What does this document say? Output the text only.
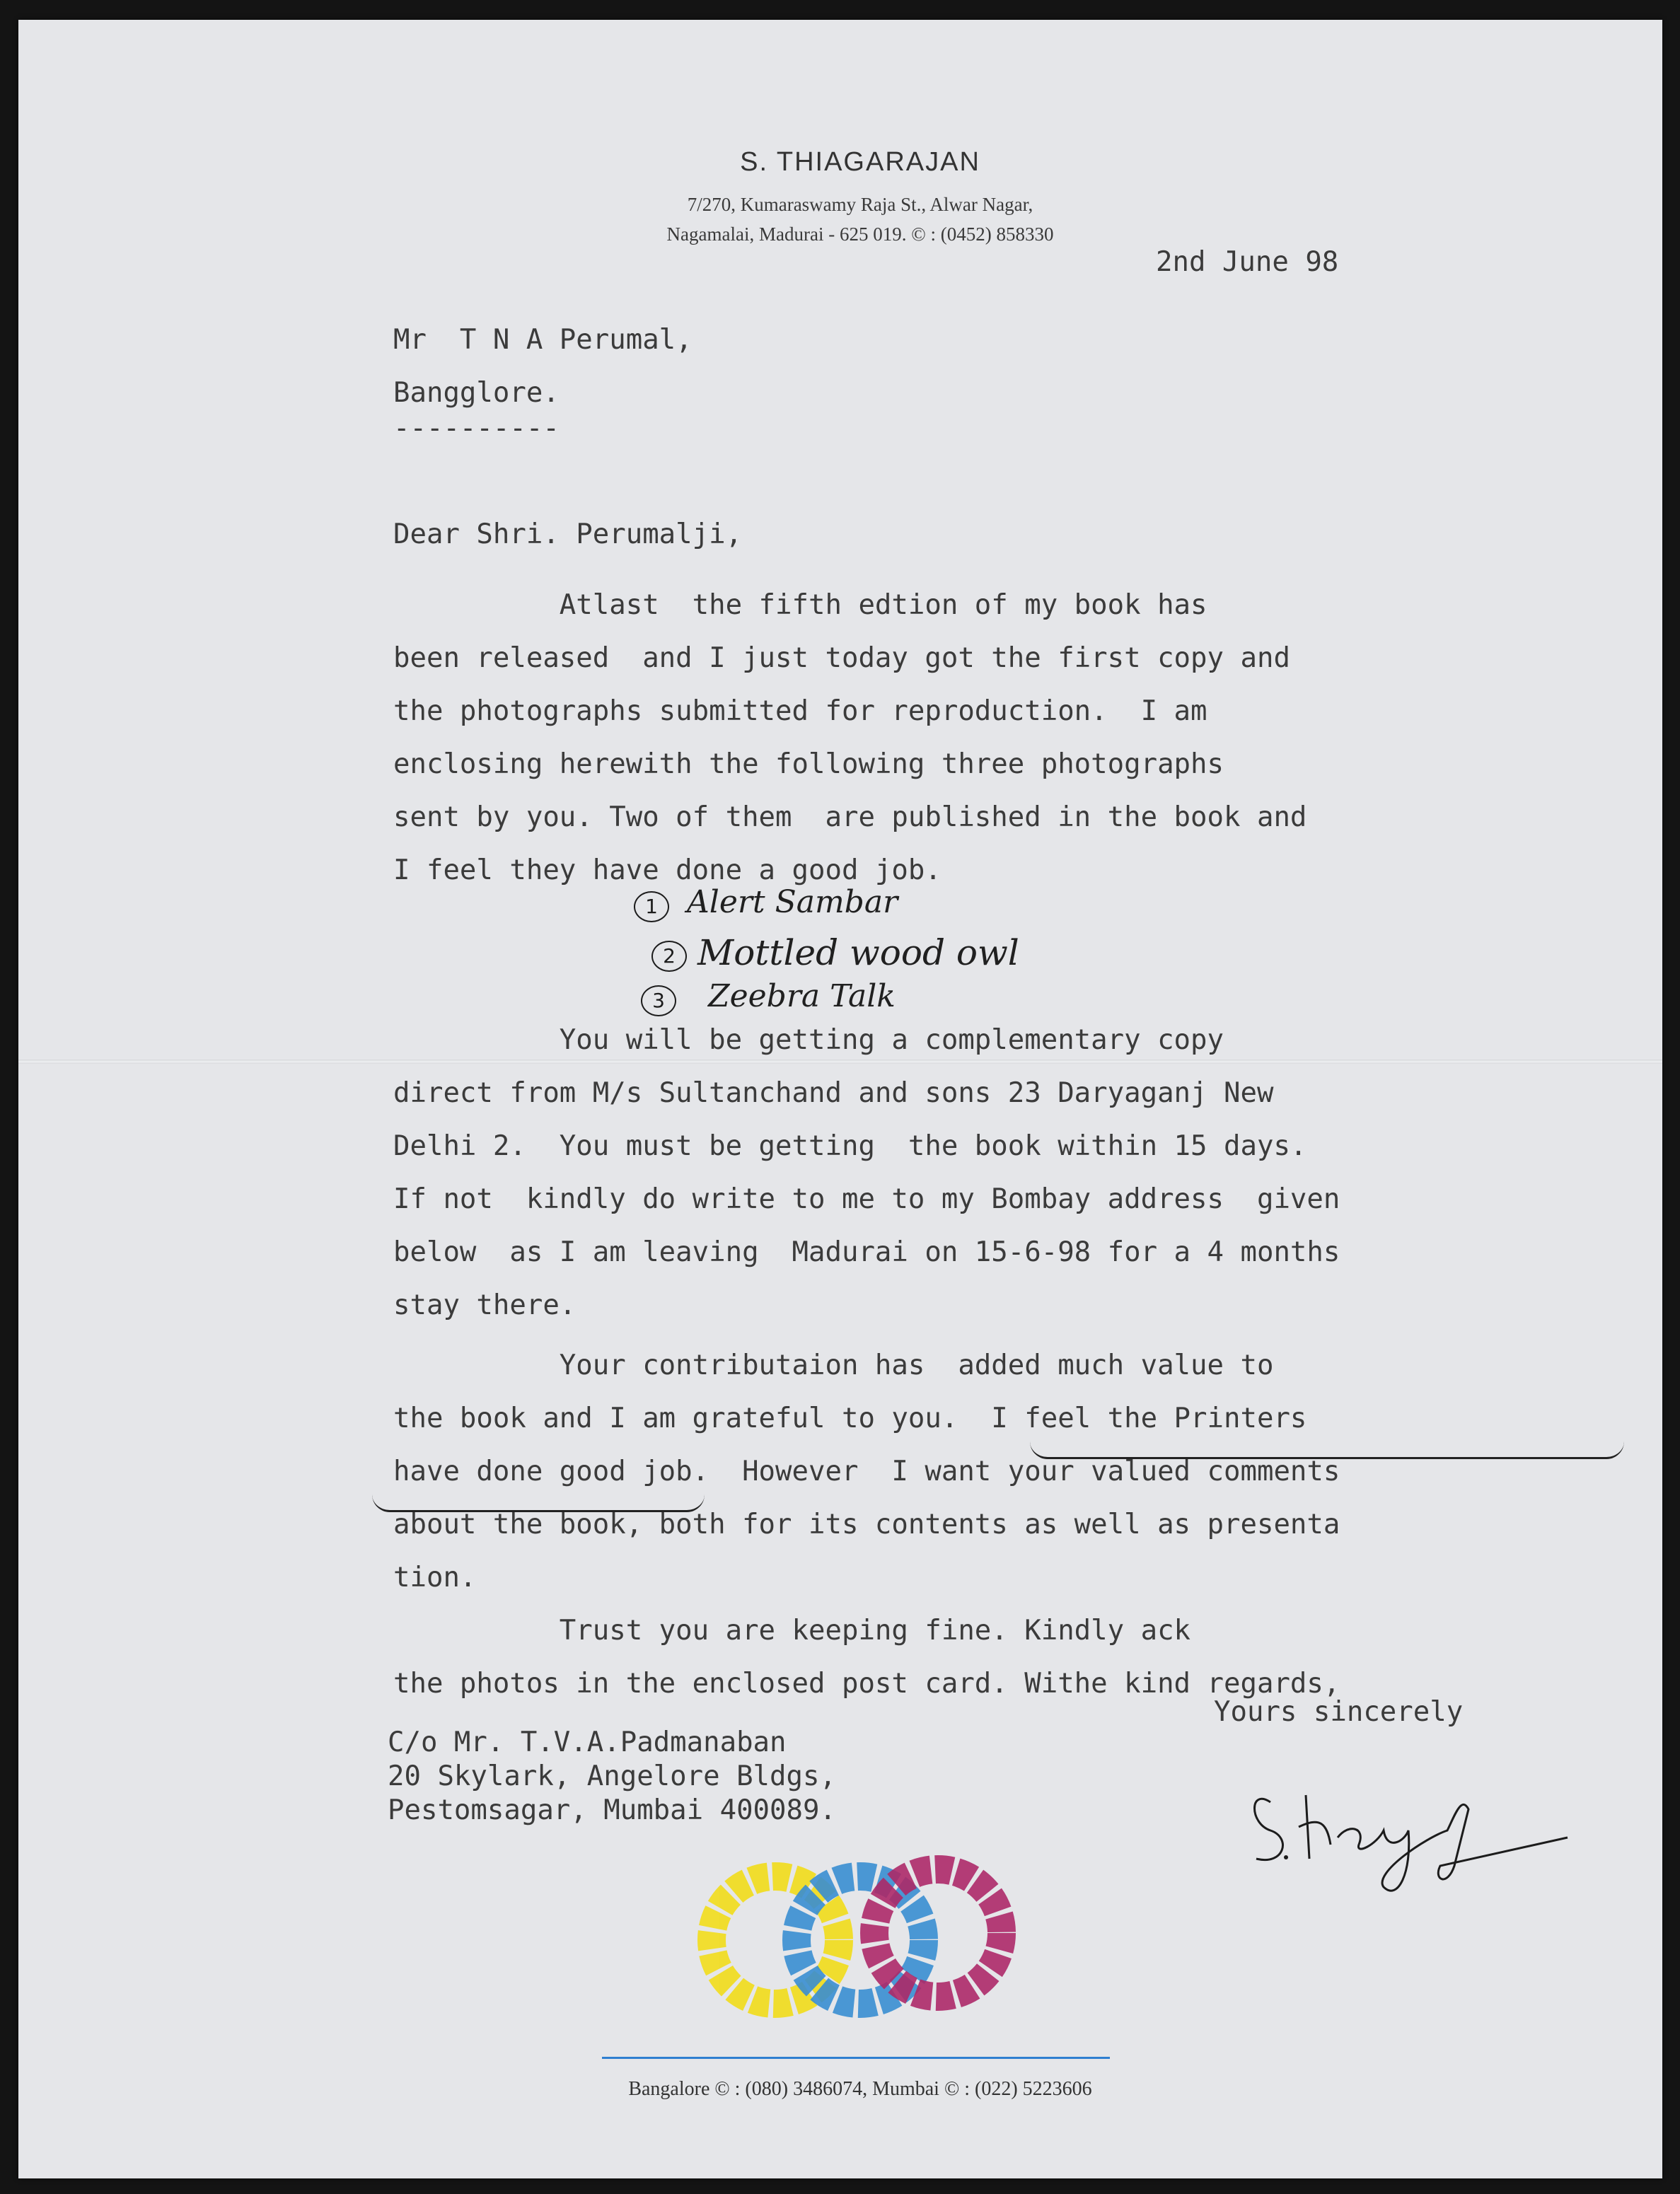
S. THIAGARAJAN
7/270, Kumaraswamy Raja St., Alwar Nagar,
Nagamalai, Madurai - 625 019. © : (0452) 858330
2nd June 98
Mr  T N A Perumal,
Bangglore.
----------
Dear Shri. Perumalji,
Atlast  the fifth edtion of my book has
been released  and I just today got the first copy and
the photographs submitted for reproduction.  I am
enclosing herewith the following three photographs
sent by you. Two of them  are published in the book and
I feel they have done a good job.
1 Alert Sambar
2 Mottled wood owl
3	Zeebra Talk
You will be getting a complementary copy
direct from M/s Sultanchand and sons 23 Daryaganj New
Delhi 2.  You must be getting  the book within 15 days.
If not  kindly do write to me to my Bombay address  given
below  as I am leaving  Madurai on 15-6-98 for a 4 months
stay there.
Your contributaion has  added much value to
the book and I am grateful to you.  I feel the Printers
have done good job.  However  I want your valued comments
about the book, both for its contents as well as presenta
tion.
Trust you are keeping fine. Kindly ack
the photos in the enclosed post card. Withe kind regards,
Yours sincerely
C/o Mr. T.V.A.Padmanaban
20 Skylark, Angelore Bldgs,
Pestomsagar, Mumbai 400089.
Bangalore © : (080) 3486074, Mumbai © : (022) 5223606
